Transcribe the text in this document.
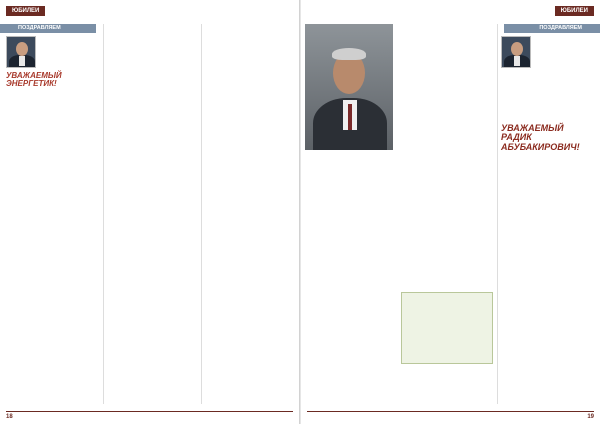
ЮБИЛЕИ
ПОЗДРАВЛЯЕМ
УВАЖАЕМЫЙ ЭНЕРГЕТИК!
18
ЮБИЛЕИ
ПОЗДРАВЛЯЕМ
УВАЖАЕМЫЙ РАДИК АБУБАКИРОВИЧ!
19
